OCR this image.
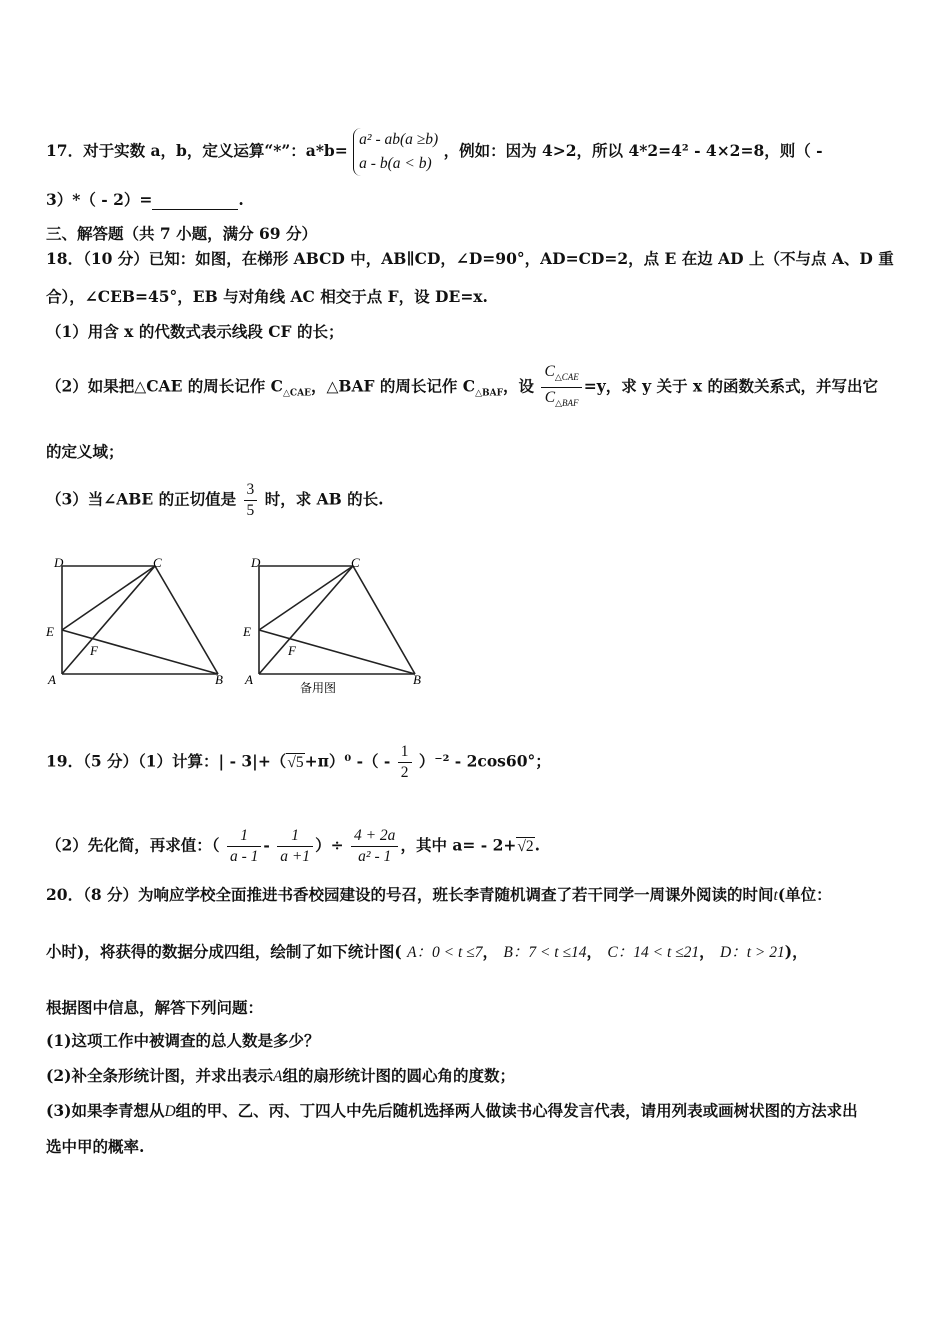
17．对于实数 a，b，定义运算“*”：a*b=
a² - ab(a ≥b)
a - b(a < b)
，例如：因为 4>2，所以 4*2=4² - 4×2=8，则（ -
3）*（ - 2）=	.
三、解答题（共 7 小题，满分 69 分）
18．（10 分）已知：如图，在梯形 ABCD 中，AB∥CD，∠D=90°，AD=CD=2，点 E 在边 AD 上（不与点 A、D 重
合），∠CEB=45°，EB 与对角线 AC 相交于点 F，设 DE=x.
（1）用含 x 的代数式表示线段 CF 的长；
（2）如果把△CAE 的周长记作 $C_{\triangle CAE}$，△BAF 的周长记作 $C_{\triangle BAF}$，设 $\frac{C_{\triangle CAE}}{C_{\triangle BAF}} =y$，求 y 关于 x 的函数关系式，并写出它
的定义域；
（3）当∠ABE 的正切值是 $\frac{3}{5}$ 时，求 AB 的长.
D	C
E
F
A	B
D	C
E
F
A	B
备用图
19．（5 分）（1）计算：| - 3|+（√5+π）⁰ -（ - $\frac{1}{2} )^{-2} - 2\cos 60^\circ$；
（2）先化简，再求值：（ $\frac{1}{a - 1} - \frac{1}{a +1}$ ）÷ $\frac{4 + 2a}{\text{a² - 1}}$ ，其中 a= - 2+√2.
20．（8 分）为响应学校全面推进书香校园建设的号召，班长李青随机调查了若干同学一周课外阅读的时间t(单位：
小时)，将获得的数据分成四组，绘制了如下统计图( A：0 < t ≤7， B：7 < t ≤14， C：14 < t ≤21， D：t > 21)，
根据图中信息，解答下列问题：
(1)这项工作中被调查的总人数是多少？
(2)补全条形统计图，并求出表示A组的扇形统计图的圆心角的度数；
(3)如果李青想从D组的甲、乙、丙、丁四人中先后随机选择两人做读书心得发言代表，请用列表或画树状图的方法求出
选中甲的概率.
